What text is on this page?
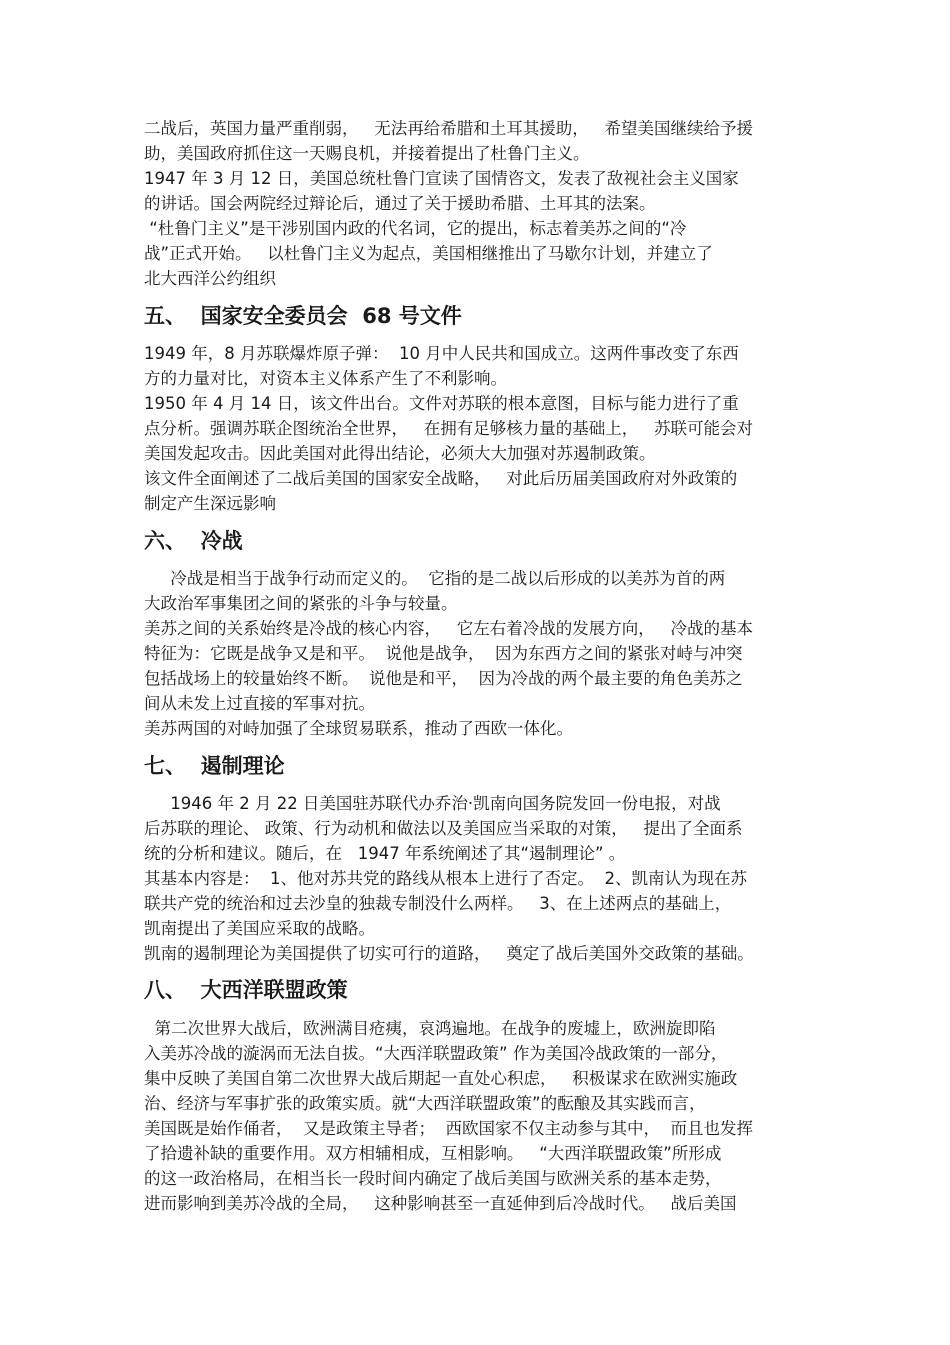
二战后，英国力量严重削弱，   无法再给希腊和土耳其援助，   希望美国继续给予援

助，美国政府抓住这一天赐良机，并接着提出了杜鲁门主义。

1947 年 3 月 12 日，美国总统杜鲁门宣读了国情咨文，发表了敌视社会主义国家

的讲话。国会两院经过辩论后，通过了关于援助希腊、土耳其的法案。

“杜鲁门主义”是干涉别国内政的代名词，它的提出，标志着美苏之间的“冷

战”正式开始。   以杜鲁门主义为起点，美国相继推出了马歇尔计划，并建立了

北大西洋公约组织

五、  国家安全委员会  68 号文件

1949 年，8 月苏联爆炸原子弹：  10 月中人民共和国成立。这两件事改变了东西

方的力量对比，对资本主义体系产生了不利影响。

1950 年 4 月 14 日，该文件出台。文件对苏联的根本意图，目标与能力进行了重

点分析。强调苏联企图统治全世界，   在拥有足够核力量的基础上，   苏联可能会对

美国发起攻击。因此美国对此得出结论，必须大大加强对苏遏制政策。

该文件全面阐述了二战后美国的国家安全战略，   对此后历届美国政府对外政策的

制定产生深远影响

六、  冷战

冷战是相当于战争行动而定义的。  它指的是二战以后形成的以美苏为首的两

大政治军事集团之间的紧张的斗争与较量。

美苏之间的关系始终是冷战的核心内容，   它左右着冷战的发展方向，   冷战的基本

特征为：它既是战争又是和平。  说他是战争，  因为东西方之间的紧张对峙与冲突

包括战场上的较量始终不断。  说他是和平，  因为冷战的两个最主要的角色美苏之

间从未发上过直接的军事对抗。

美苏两国的对峙加强了全球贸易联系，推动了西欧一体化。

七、  遏制理论

1946 年 2 月 22 日美国驻苏联代办乔治·凯南向国务院发回一份电报，对战

后苏联的理论、 政策、行为动机和做法以及美国应当采取的对策，   提出了全面系

统的分析和建议。随后，在   1947 年系统阐述了其“遏制理论” 。

其基本内容是：  1、他对苏共党的路线从根本上进行了否定。  2、凯南认为现在苏

联共产党的统治和过去沙皇的独裁专制没什么两样。   3、在上述两点的基础上，

凯南提出了美国应采取的战略。

凯南的遏制理论为美国提供了切实可行的道路，   奠定了战后美国外交政策的基础。

八、  大西洋联盟政策

第二次世界大战后，欧洲满目疮痍，哀鸿遍地。在战争的废墟上，欧洲旋即陷

入美苏冷战的漩涡而无法自拔。“大西洋联盟政策” 作为美国冷战政策的一部分，

集中反映了美国自第二次世界大战后期起一直处心积虑，   积极谋求在欧洲实施政

治、经济与军事扩张的政策实质。就“大西洋联盟政策”的酝酿及其实践而言，

美国既是始作俑者，  又是政策主导者；  西欧国家不仅主动参与其中，  而且也发挥

了拾遗补缺的重要作用。双方相辅相成，互相影响。   “大西洋联盟政策”所形成

的这一政治格局，在相当长一段时间内确定了战后美国与欧洲关系的基本走势，

进而影响到美苏冷战的全局，   这种影响甚至一直延伸到后冷战时代。   战后美国
